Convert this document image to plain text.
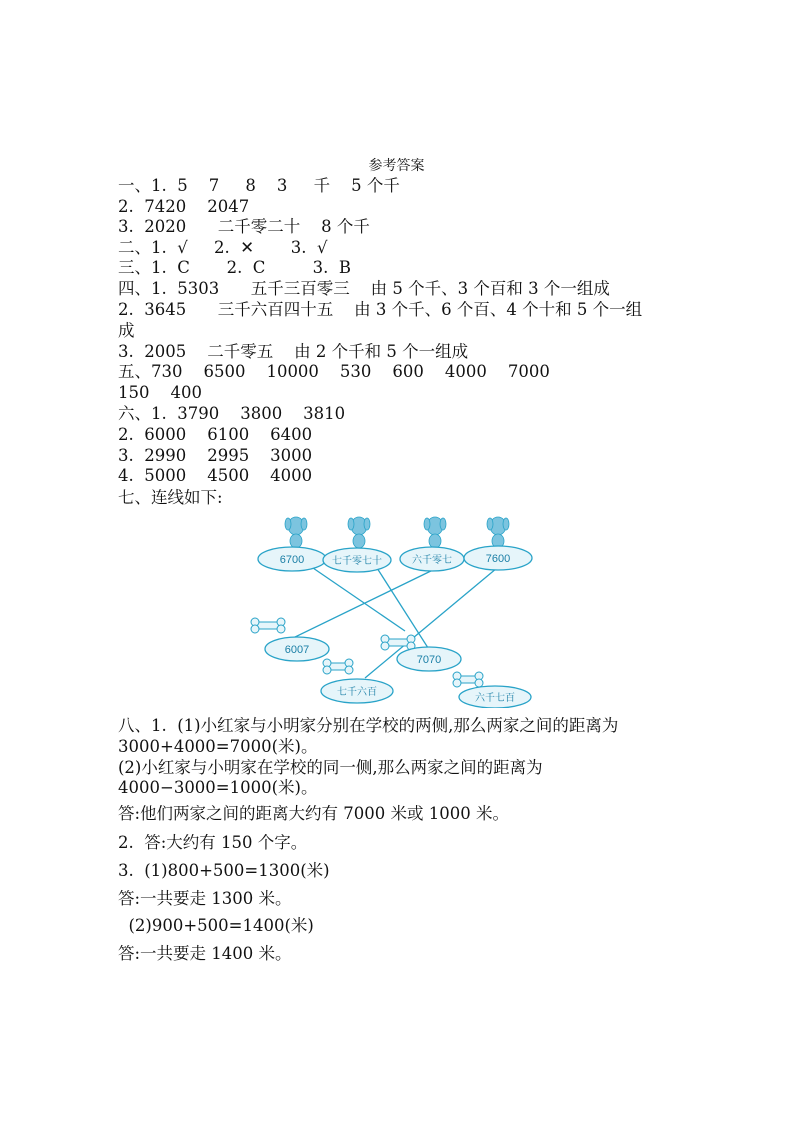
参考答案
一、1.  5    7     8    3     千    5 个千
2.  7420    2047
3.  2020      二千零二十    8 个千
二、1.  √     2.  ✕       3.  √
三、1.  C       2.  C         3.  B
四、1.  5303      五千三百零三    由 5 个千、3 个百和 3 个一组成
2.  3645      三千六百四十五    由 3 个千、6 个百、4 个十和 5 个一组
成
3.  2005    二千零五    由 2 个千和 5 个一组成
五、730    6500    10000    530    600    4000    7000
150    400
六、1.  3790    3800    3810
2.  6000    6100    6400
3.  2990    2995    3000
4.  5000    4500    4000
七、连线如下:
6700	七千零七十	六千零七	7600
6007
7070
七千六百
六千七百
八、1.  (1)小红家与小明家分别在学校的两侧,那么两家之间的距离为
3000+4000=7000(米)。
(2)小红家与小明家在学校的同一侧,那么两家之间的距离为
4000−3000=1000(米)。
答:他们两家之间的距离大约有 7000 米或 1000 米。
2.  答:大约有 150 个字。
3.  (1)800+500=1300(米)
答:一共要走 1300 米。
(2)900+500=1400(米)
答:一共要走 1400 米。
